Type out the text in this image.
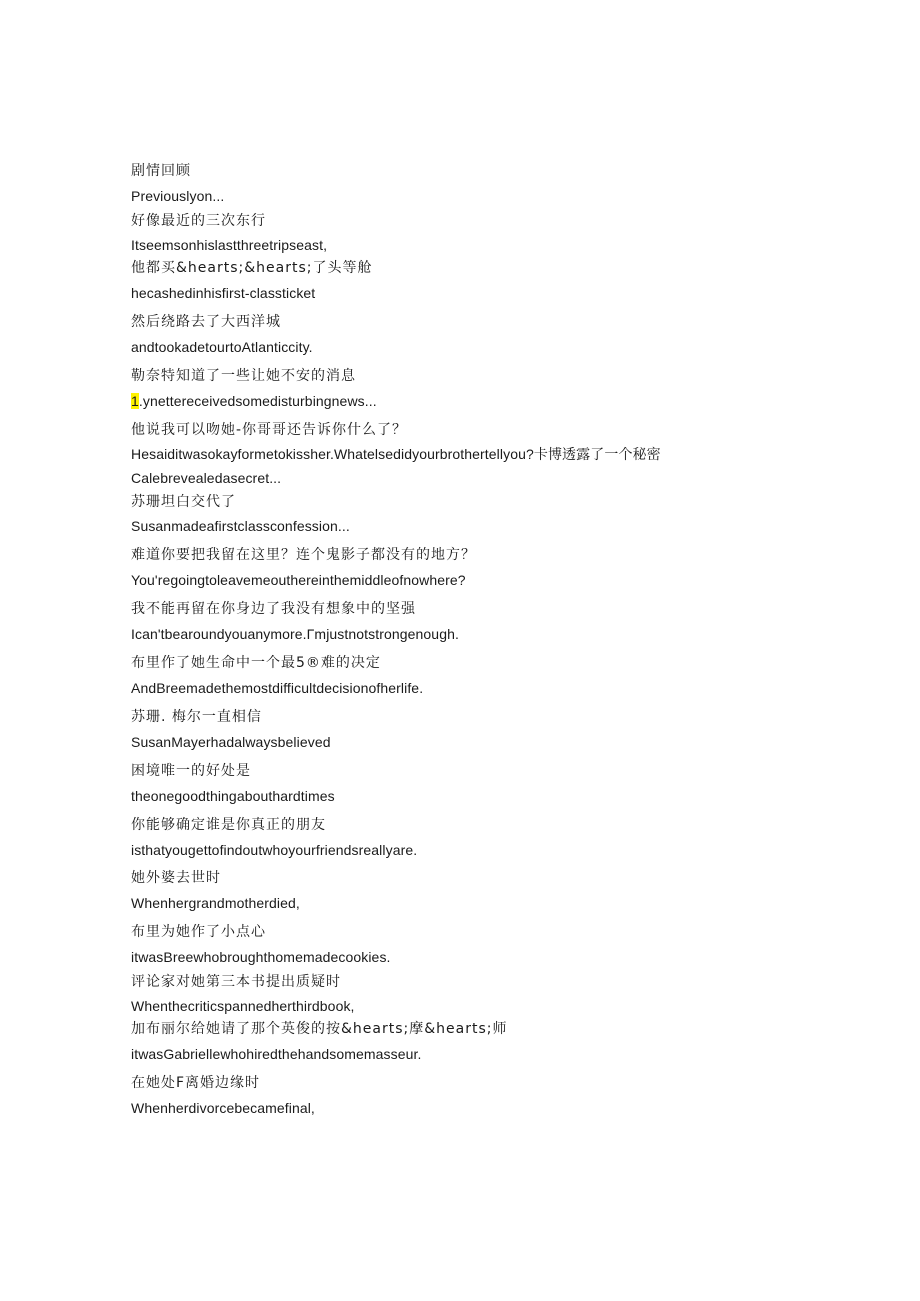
剧情回顾
Previouslyon...
好像最近的三次东行
Itseemsonhislastthreetripseast,
他都买&hearts;&hearts;了头等舱
hecashedinhisfirst-classticket
然后绕路去了大西洋城
andtookadetourtoAtlanticcity.
勒奈特知道了一些让她不安的消息
1.ynettereceivedsomedisturbingnews...
他说我可以吻她-你哥哥还告诉你什么了？
Hesaiditwasokayformetokissher.Whatelsedidyourbrothertellyou?卡博透露了一个秘密
Calebrevealedasecret...
苏珊坦白交代了
Susanmadeafirstclassconfession...
难道你要把我留在这里？连个鬼影子都没有的地方？
You'regoingtoleavemeouthereinthemiddleofnowhere?
我不能再留在你身边了我没有想象中的坚强
Ican'tbearoundyouanymore.Γmjustnotstrongenough.
布里作了她生命中一个最5®难的决定
AndBreemadethemostdifficultdecisionofherlife.
苏珊. 梅尔一直相信
SusanMayerhadalwaysbelieved
困境唯一的好处是
theonegoodthingabouthardtimes
你能够确定谁是你真正的朋友
isthatyougettofindoutwhoyourfriendsreallyare.
她外婆去世时
Whenhergrandmotherdied,
布里为她作了小点心
itwasBreewhobroughthomemadecookies.
评论家对她第三本书提出质疑时
Whenthecriticspannedherthirdbook,
加布丽尔给她请了那个英俊的按&hearts;摩&hearts;师
itwasGabriellewhohiredthehandsomemasseur.
在她处F离婚边缘时
Whenherdivorcebecamefinal,
